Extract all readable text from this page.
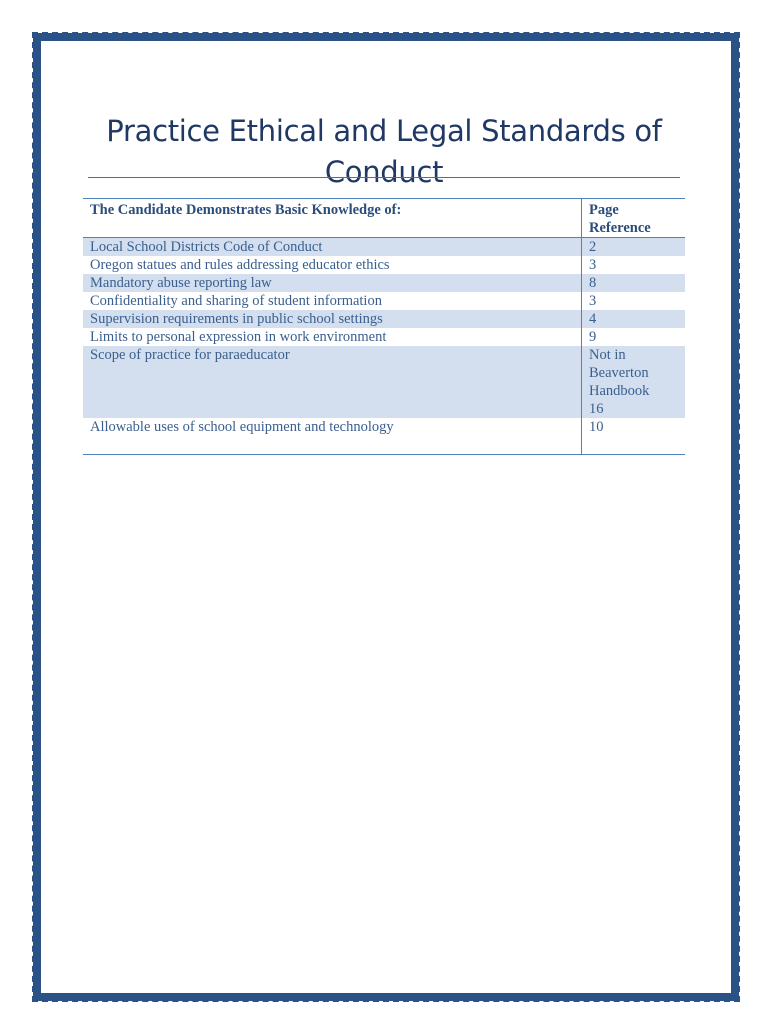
Practice Ethical and Legal Standards of
Conduct
The Candidate Demonstrates Basic Knowledge of:	Page
Reference

Local School Districts Code of Conduct	2

Oregon statues and rules addressing educator ethics	3

Mandatory abuse reporting law	8

Confidentiality and sharing of student information	3

Supervision requirements in public school settings	4

Limits to personal expression in work environment	9

Scope of practice for paraeducator	Not in
Beaverton
Handbook
16

Allowable uses of school equipment and technology	10
